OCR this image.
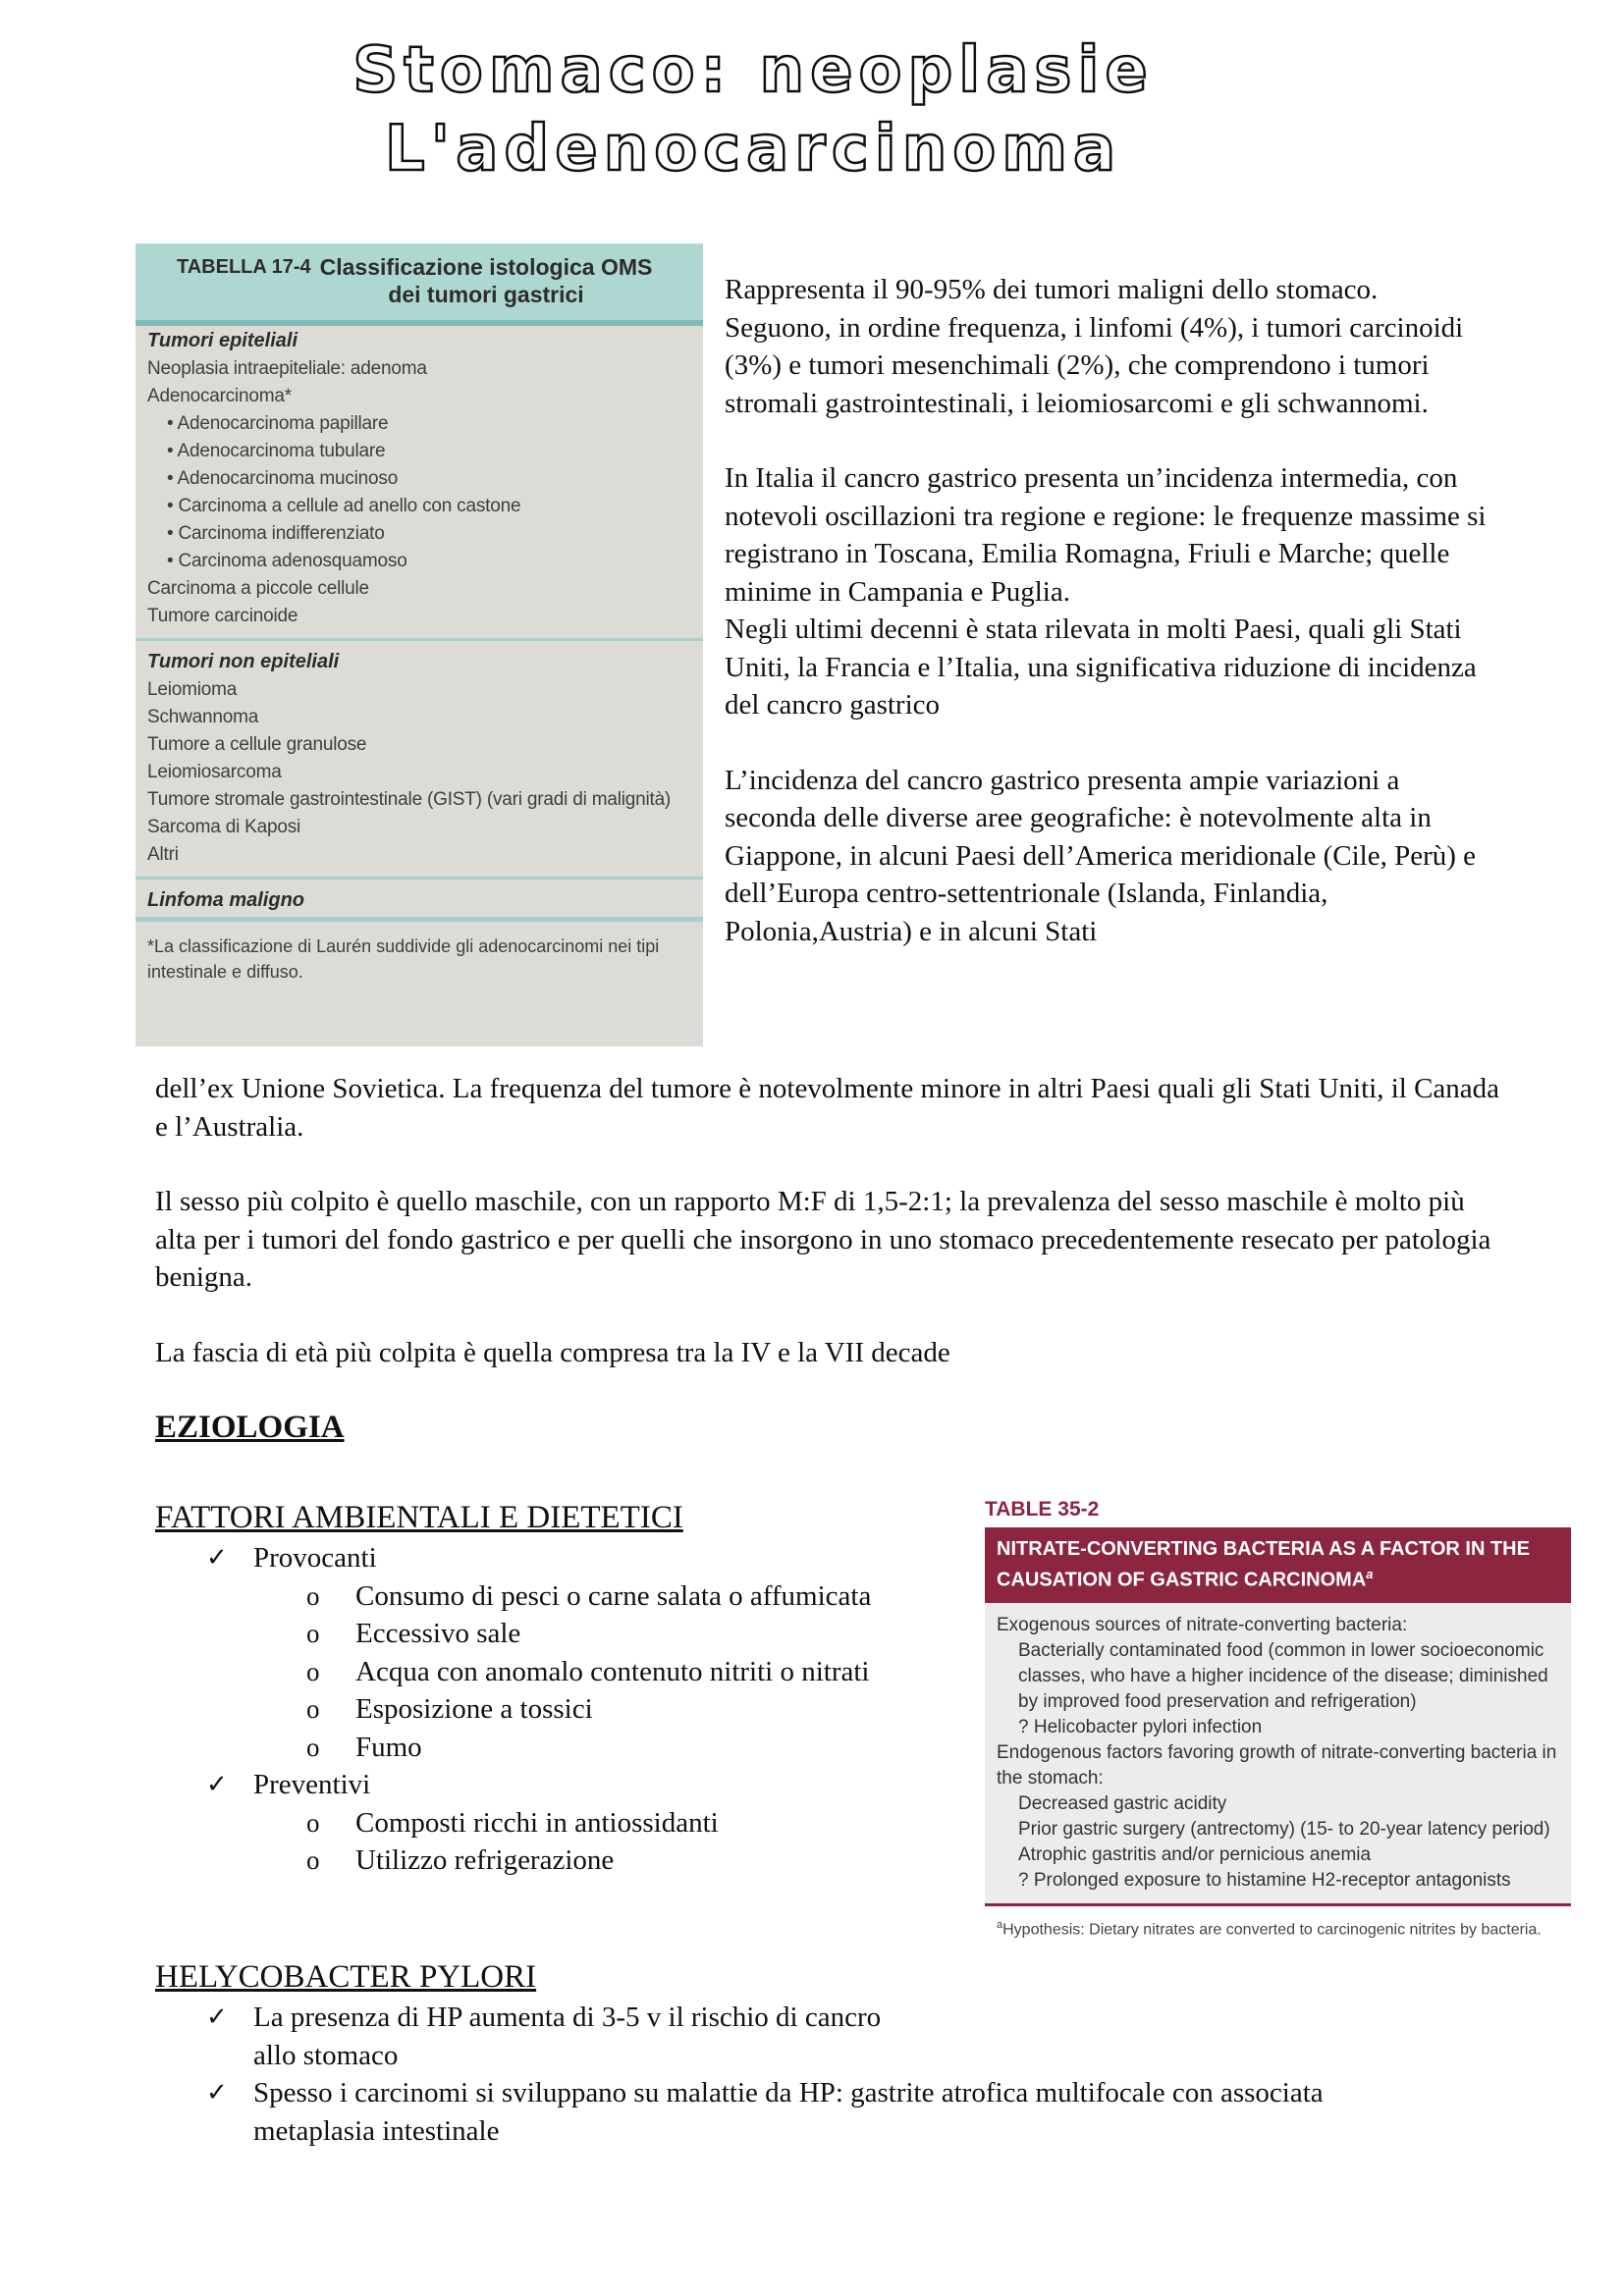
Stomaco: neoplasie
L'adenocarcinoma
TABELLA 17-4 Classificazione istologica OMS dei tumori gastrici
Tumori epiteliali
Neoplasia intraepiteliale: adenoma
Adenocarcinoma*
• Adenocarcinoma papillare
• Adenocarcinoma tubulare
• Adenocarcinoma mucinoso
• Carcinoma a cellule ad anello con castone
• Carcinoma indifferenziato
• Carcinoma adenosquamoso
Carcinoma a piccole cellule
Tumore carcinoide
Tumori non epiteliali
Leiomioma
Schwannoma
Tumore a cellule granulose
Leiomiosarcoma
Tumore stromale gastrointestinale (GIST) (vari gradi di malignità)
Sarcoma di Kaposi
Altri
Linfoma maligno
*La classificazione di Laurén suddivide gli adenocarcinomi nei tipi intestinale e diffuso.

Rappresenta il 90-95% dei tumori maligni dello stomaco. Seguono, in ordine frequenza, i linfomi (4%), i tumori carcinoidi (3%) e tumori mesenchimali (2%), che comprendono i tumori stromali gastrointestinali, i leiomiosarcomi e gli schwannomi.

In Italia il cancro gastrico presenta un’incidenza intermedia, con notevoli oscillazioni tra regione e regione: le frequenze massime si registrano in Toscana, Emilia Romagna, Friuli e Marche; quelle minime in Campania e Puglia.

Negli ultimi decenni è stata rilevata in molti Paesi, quali gli Stati Uniti, la Francia e l’Italia, una significativa riduzione di incidenza del cancro gastrico

L’incidenza del cancro gastrico presenta ampie variazioni a seconda delle diverse aree geografiche: è notevolmente alta in Giappone, in alcuni Paesi dell’America meridionale (Cile, Perù) e dell’Europa centro-settentrionale (Islanda, Finlandia, Polonia,Austria) e in alcuni Stati

dell’ex Unione Sovietica. La frequenza del tumore è notevolmente minore in altri Paesi quali gli Stati Uniti, il Canada e l’Australia.

Il sesso più colpito è quello maschile, con un rapporto M:F di 1,5-2:1; la prevalenza del sesso maschile è molto più alta per i tumori del fondo gastrico e per quelli che insorgono in uno stomaco precedentemente resecato per patologia benigna.

La fascia di età più colpita è quella compresa tra la IV e la VII decade

EZIOLOGIA
FATTORI AMBIENTALI E DIETETICI
✓ Provocanti
o Consumo di pesci o carne salata o affumicata
o Eccessivo sale
o Acqua con anomalo contenuto nitriti o nitrati
o Esposizione a tossici
o Fumo
✓ Preventivi
o Composti ricchi in antiossidanti
o Utilizzo refrigerazione
HELYCOBACTER PYLORI
✓ La presenza di HP aumenta di 3-5 v il rischio di cancro allo stomaco
✓ Spesso i carcinomi si sviluppano su malattie da HP: gastrite atrofica multifocale con associata metaplasia intestinale
TABLE 35-2
NITRATE-CONVERTING BACTERIA AS A FACTOR IN THE CAUSATION OF GASTRIC CARCINOMA$^a$
Exogenous sources of nitrate-converting bacteria:
Bacterially contaminated food (common in lower socioeconomic classes, who have a higher incidence of the disease; diminished by improved food preservation and refrigeration)
? Helicobacter pylori infection
Endogenous factors favoring growth of nitrate-converting bacteria in the stomach:
Decreased gastric acidity
Prior gastric surgery (antrectomy) (15- to 20-year latency period)
Atrophic gastritis and/or pernicious anemia
? Prolonged exposure to histamine H2-receptor antagonists
$^a$Hypothesis: Dietary nitrates are converted to carcinogenic nitrites by bacteria.
